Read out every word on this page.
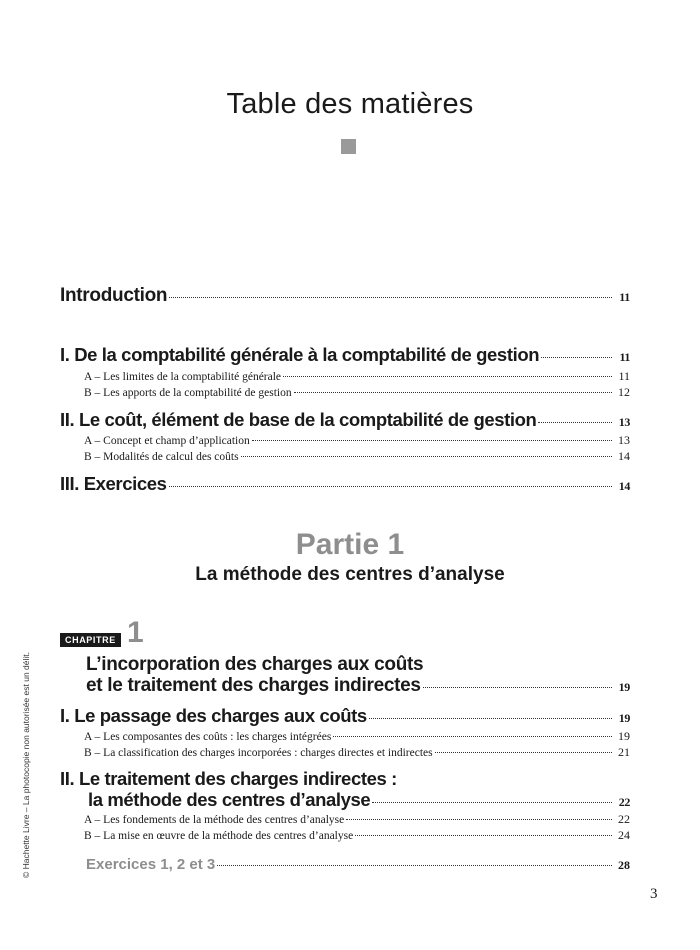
Table des matières
Introduction	11
I. De la comptabilité générale à la comptabilité de gestion	11
A – Les limites de la comptabilité générale	11
B – Les apports de la comptabilité de gestion	12
II. Le coût, élément de base de la comptabilité de gestion	13
A – Concept et champ d’application	13
B – Modalités de calcul des coûts	14
III. Exercices	14
Partie 1
La méthode des centres d’analyse
CHAPITRE 1
L’incorporation des charges aux coûts
et le traitement des charges indirectes	19
I. Le passage des charges aux coûts	19
A – Les composantes des coûts : les charges intégrées	19
B – La classification des charges incorporées : charges directes et indirectes	21
II. Le traitement des charges indirectes :
la méthode des centres d’analyse	22
A – Les fondements de la méthode des centres d’analyse	22
B – La mise en œuvre de la méthode des centres d’analyse	24
Exercices 1, 2 et 3	28
© Hachette Livre – La photocopie non autorisée est un délit.
3
